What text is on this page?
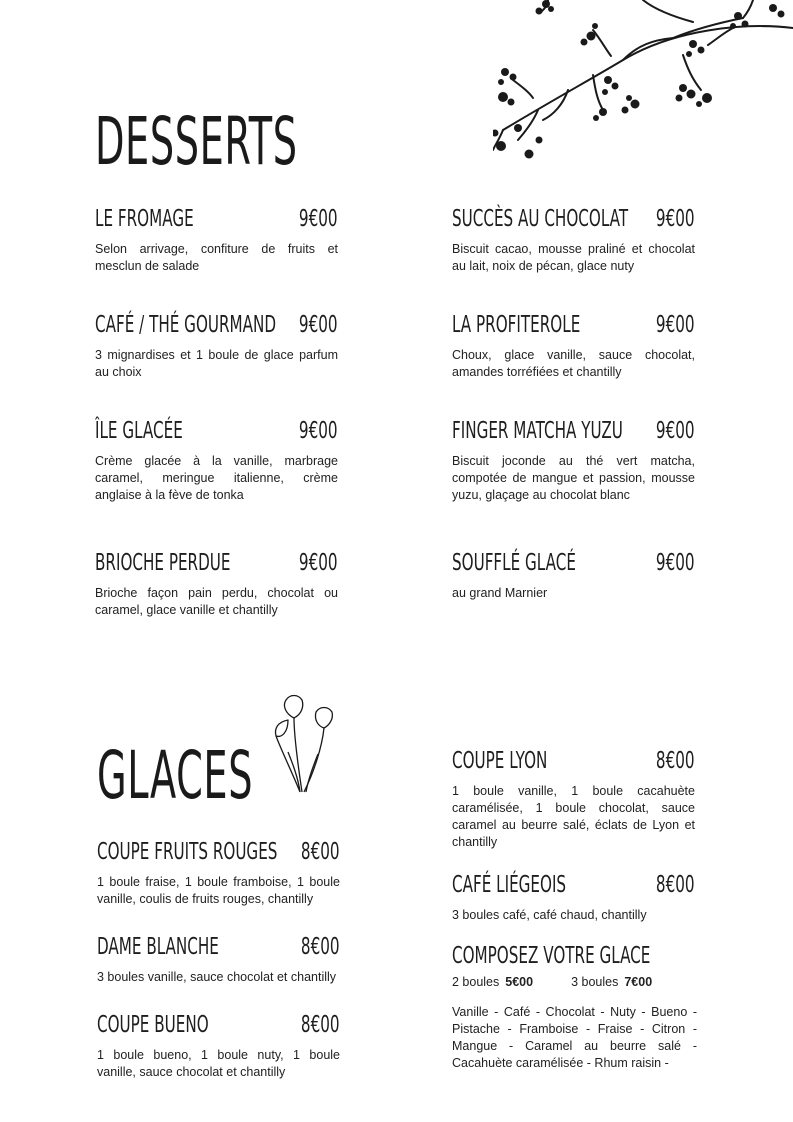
DESSERTS
GLACES
LE FROMAGE	9€00

Selon arrivage, confiture de fruits et mesclun de salade

CAFÉ / THÉ GOURMAND 9€00

3 mignardises et 1 boule de glace parfum au choix

ÎLE GLACÉE	9€00

Crème glacée à la vanille, marbrage caramel, meringue italienne, crème anglaise à la fève de tonka

BRIOCHE PERDUE	9€00

Brioche façon pain perdu, chocolat ou caramel, glace vanille et chantilly

SUCCÈS AU CHOCOLAT 9€00

Biscuit cacao, mousse praliné et chocolat au lait, noix de pécan, glace nuty

LA PROFITEROLE	9€00

Choux, glace vanille, sauce chocolat, amandes torréfiées et chantilly

FINGER MATCHA YUZU 9€00

Biscuit joconde au thé vert matcha, compotée de mangue et passion, mousse yuzu, glaçage au chocolat blanc

SOUFFLÉ GLACÉ	9€00

au grand Marnier

COUPE FRUITS ROUGES 8€00

1 boule fraise, 1 boule framboise, 1 boule vanille, coulis de fruits rouges, chantilly

DAME BLANCHE	8€00

3 boules vanille, sauce chocolat et chantilly

COUPE BUENO	8€00

1 boule bueno, 1 boule nuty, 1 boule vanille, sauce chocolat et chantilly

COUPE LYON	8€00

1 boule vanille, 1 boule cacahuète caramélisée, 1 boule chocolat, sauce caramel au beurre salé, éclats de Lyon et chantilly

CAFÉ LIÉGEOIS	8€00

3 boules café, café chaud, chantilly

COMPOSEZ VOTRE GLACE
2 boules 5€00	3 boules 7€00

Vanille - Café - Chocolat - Nuty - Bueno - Pistache - Framboise - Fraise - Citron - Mangue - Caramel au beurre salé - Cacahuète caramélisée - Rhum raisin -
